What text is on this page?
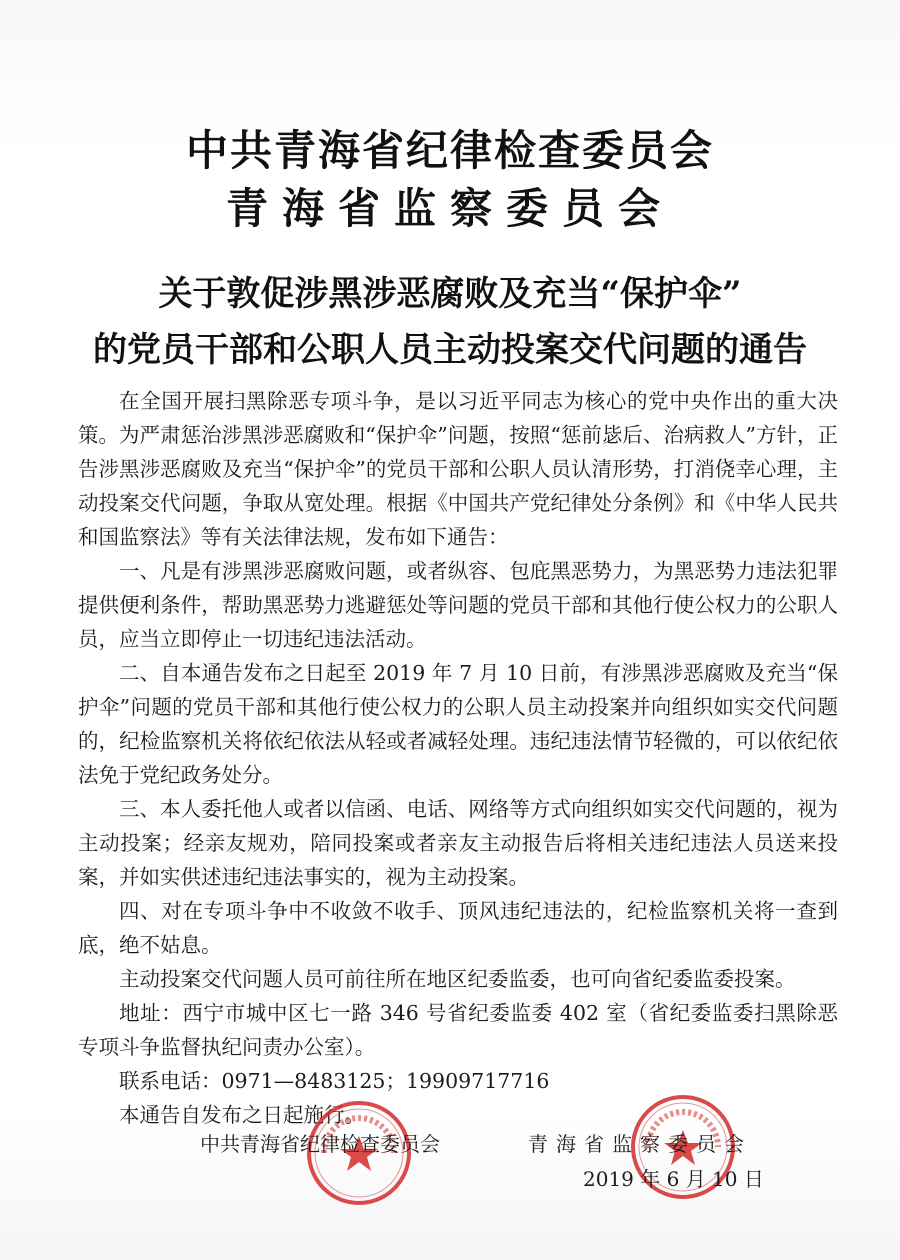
中共青海省纪律检查委员会
青海省监察委员会
关于敦促涉黑涉恶腐败及充当“保护伞”
的党员干部和公职人员主动投案交代问题的通告

在全国开展扫黑除恶专项斗争，是以习近平同志为核心的党中央作出的重大决策。为严肃惩治涉黑涉恶腐败和“保护伞”问题，按照“惩前毖后、治病救人”方针，正告涉黑涉恶腐败及充当“保护伞”的党员干部和公职人员认清形势，打消侥幸心理，主动投案交代问题，争取从宽处理。根据《中国共产党纪律处分条例》和《中华人民共和国监察法》等有关法律法规，发布如下通告：

一、凡是有涉黑涉恶腐败问题，或者纵容、包庇黑恶势力，为黑恶势力违法犯罪提供便利条件，帮助黑恶势力逃避惩处等问题的党员干部和其他行使公权力的公职人员，应当立即停止一切违纪违法活动。

二、自本通告发布之日起至 2019 年 7 月 10 日前，有涉黑涉恶腐败及充当“保护伞”问题的党员干部和其他行使公权力的公职人员主动投案并向组织如实交代问题的，纪检监察机关将依纪依法从轻或者减轻处理。违纪违法情节轻微的，可以依纪依法免于党纪政务处分。

三、本人委托他人或者以信函、电话、网络等方式向组织如实交代问题的，视为主动投案；经亲友规劝，陪同投案或者亲友主动报告后将相关违纪违法人员送来投案，并如实供述违纪违法事实的，视为主动投案。

四、对在专项斗争中不收敛不收手、顶风违纪违法的，纪检监察机关将一查到底，绝不姑息。

主动投案交代问题人员可前往所在地区纪委监委，也可向省纪委监委投案。

地址：西宁市城中区七一路 346 号省纪委监委 402 室（省纪委监委扫黑除恶专项斗争监督执纪问责办公室）。

联系电话：0971—8483125；19909717716

本通告自发布之日起施行。

中共青海省纪律检查委员会	青海省监察委员会
2019 年 6 月 10 日
